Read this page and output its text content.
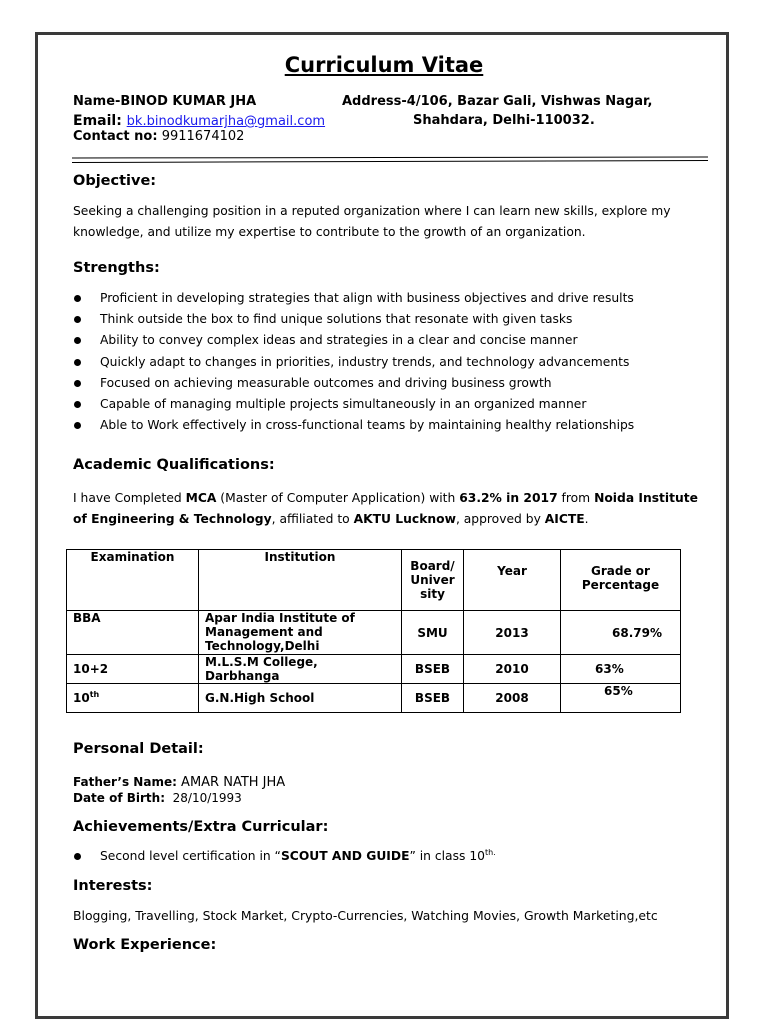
Curriculum Vitae
Name-BINOD KUMAR JHA	Address-4/106, Bazar Gali, Vishwas Nagar,
Email: bk.binodkumarjha@gmail.com	Shahdara, Delhi-110032.
Contact no: 9911674102
Objective:
Seeking a challenging position in a reputed organization where I can learn new skills, explore my knowledge, and utilize my expertise to contribute to the growth of an organization.
Strengths:
Proficient in developing strategies that align with business objectives and drive results
Think outside the box to find unique solutions that resonate with given tasks
Ability to convey complex ideas and strategies in a clear and concise manner
Quickly adapt to changes in priorities, industry trends, and technology advancements
Focused on achieving measurable outcomes and driving business growth
Capable of managing multiple projects simultaneously in an organized manner
Able to Work effectively in cross-functional teams by maintaining healthy relationships
Academic Qualifications:
I have Completed MCA (Master of Computer Application) with 63.2% in 2017 from Noida Institute of Engineering & Technology, affiliated to AKTU Lucknow, approved by AICTE.
Examination	Institution	Board/ Univer sity	Year	Grade or Percentage
BBA	Apar India Institute of Management and Technology,Delhi	SMU	2013	68.79%
10+2	M.L.S.M College, Darbhanga	BSEB	2010	63%
10th	G.N.High School	BSEB	2008	65%
Personal Detail:
Father’s Name: AMAR NATH JHA
Date of Birth: 28/10/1993
Achievements/Extra Curricular:
Second level certification in “SCOUT AND GUIDE” in class $10^{th.}$
Interests:
Blogging, Travelling, Stock Market, Crypto-Currencies, Watching Movies, Growth Marketing,etc
Work Experience:
